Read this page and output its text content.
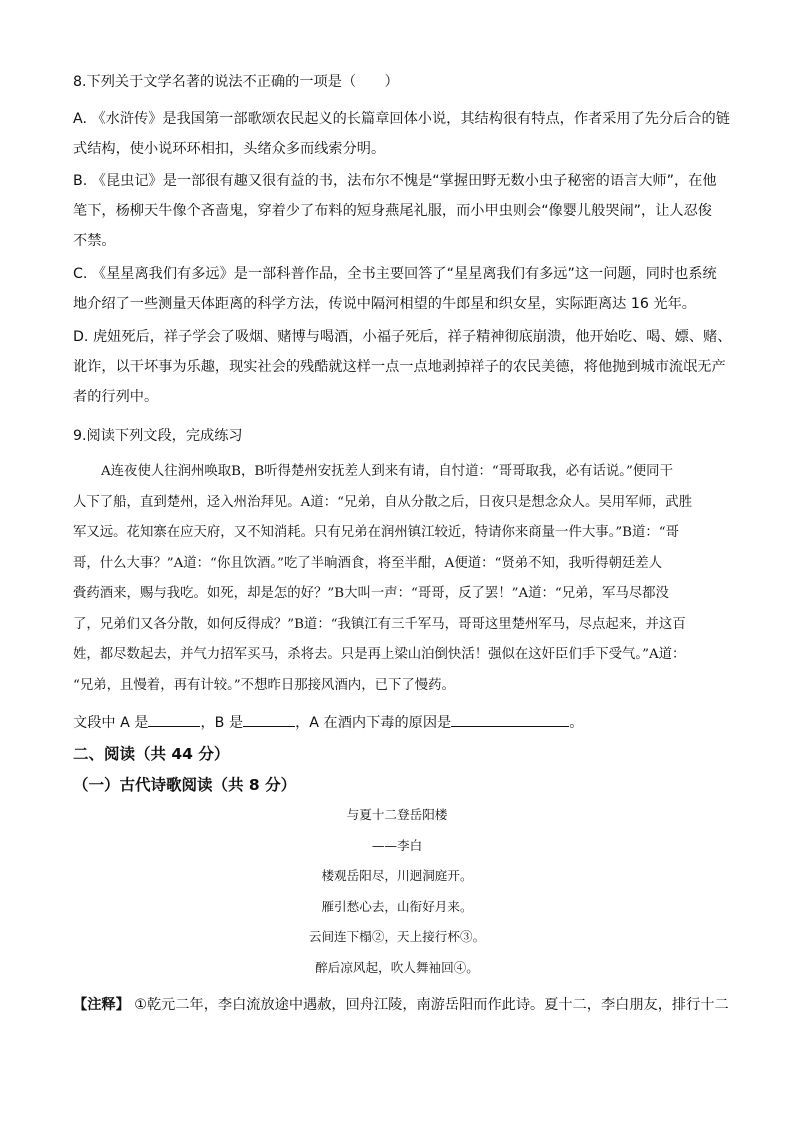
8.下列关于文学名著的说法不正确的一项是（　　）
A. 《水浒传》是我国第一部歌颂农民起义的长篇章回体小说，其结构很有特点，作者采用了先分后合的链
式结构，使小说环环相扣，头绪众多而线索分明。
B. 《昆虫记》是一部很有趣又很有益的书，法布尔不愧是“掌握田野无数小虫子秘密的语言大师”，在他
笔下，杨柳天牛像个吝啬鬼，穿着少了布料的短身燕尾礼服，而小甲虫则会“像婴儿般哭闹”，让人忍俊
不禁。
C. 《星星离我们有多远》是一部科普作品，全书主要回答了“星星离我们有多远”这一问题，同时也系统
地介绍了一些测量天体距离的科学方法，传说中隔河相望的牛郎星和织女星，实际距离达 16 光年。
D. 虎妞死后，祥子学会了吸烟、赌博与喝酒，小福子死后，祥子精神彻底崩溃，他开始吃、喝、嫖、赌、
讹诈，以干坏事为乐趣，现实社会的残酷就这样一点一点地剥掉祥子的农民美德，将他抛到城市流氓无产
者的行列中。
9.阅读下列文段，完成练习
A连夜使人往润州唤取B，B听得楚州安抚差人到来有请，自忖道：“哥哥取我，必有话说。”便同干
人下了船，直到楚州，迳入州治拜见。A道：“兄弟，自从分散之后，日夜只是想念众人。吴用军师，武胜
军又远。花知寨在应天府，又不知消耗。只有兄弟在润州镇江较近，特请你来商量一件大事。”B道：“哥
哥，什么大事？”A道：“你且饮酒。”吃了半晌酒食，将至半酣，A便道：“贤弟不知，我听得朝廷差人
賫药酒来，赐与我吃。如死，却是怎的好？”B大叫一声：“哥哥，反了罢！”A道：“兄弟，军马尽都没
了，兄弟们又各分散，如何反得成？”B道：“我镇江有三千军马，哥哥这里楚州军马，尽点起来，并这百
姓，都尽数起去，并气力招军买马，杀将去。只是再上梁山泊倒快活！强似在这奸臣们手下受气。”A道：
“兄弟，且慢着，再有计较。”不想昨日那接风酒内，已下了慢药。
文段中 A 是	，B 是	，A 在酒内下毒的原因是	。
二、阅读（共 44 分）
（一）古代诗歌阅读（共 8 分）
与夏十二登岳阳楼
——李白
楼观岳阳尽，川迥洞庭开。
雁引愁心去，山衔好月来。
云间连下榻②，天上接行杯③。
醉后凉风起，吹人舞袖回④。
【注释】 ①乾元二年，李白流放途中遇赦，回舟江陵，南游岳阳而作此诗。夏十二，李白朋友，排行十二
